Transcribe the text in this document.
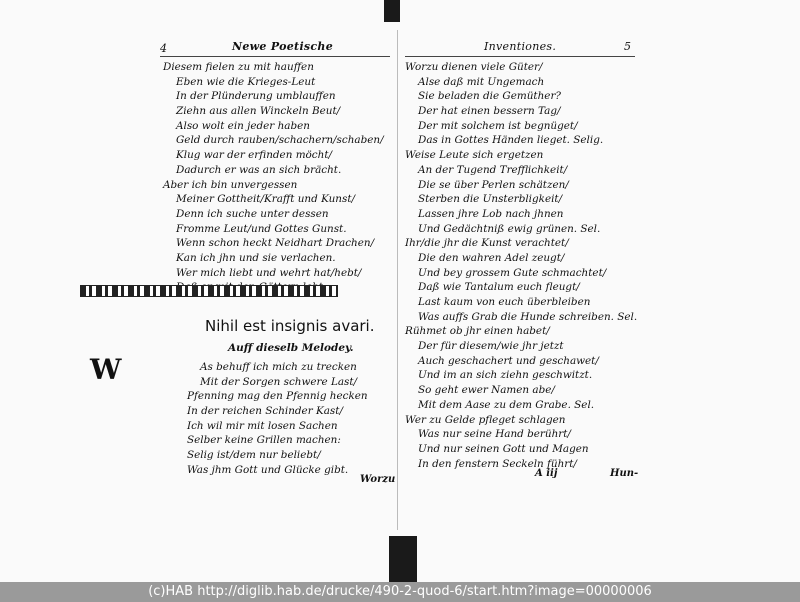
4	Newe Poetische
Diesem fielen zu mit hauffen
Eben wie die Krieges-Leut
In der Plünderung umblauffen
Ziehn aus allen Winckeln Beut/
Also wolt ein jeder haben
Geld durch rauben/schachern/schaben/
Klug war der erfinden möcht/
Dadurch er was an sich brächt.
Aber ich bin unvergessen
Meiner Gottheit/Krafft und Kunst/
Denn ich suche unter dessen
Fromme Leut/und Gottes Gunst.
Wenn schon heckt Neidhart Drachen/
Kan ich jhn und sie verlachen.
Wer mich liebt und wehrt hat/hebt/
Nihil est insignis avari.
Auff dieselb Melodey.
W	As behuff ich mich zu trecken
Mit der Sorgen schwere Last/
Pfenning mag den Pfennig hecken
In der reichen Schinder Kast/
Ich wil mir mit losen Sachen
Selber keine Grillen machen:
Selig ist/dem nur beliebt/
Was jhm Gott und Glücke gibt.
Worzu
Inventiones.	5
Worzu dienen viele Güter/
Alse daß mit Ungemach
Sie beladen die Gemüther?
Der hat einen bessern Tag/
Der mit solchem ist begnüget/
Das in Gottes Händen lieget. Selig.
Weise Leute sich ergetzen
An der Tugend Trefflichkeit/
Die se über Perlen schätzen/
Sterben die Unsterbligkeit/
Lassen jhre Lob nach jhnen
Und Gedächtniß ewig grünen. Sel.
Ihr/die jhr die Kunst verachtet/
Die den wahren Adel zeugt/
Und bey grossem Gute schmachtet/
Daß wie Tantalum euch fleugt/
Last kaum von euch überbleiben
Was auffs Grab die Hunde schreiben. Sel.
Rühmet ob jhr einen habet/
Der für diesem/wie jhr jetzt
Auch geschachert und geschawet/
Und im an sich ziehn geschwitzt.
So geht ewer Namen abe/
Mit dem Aase zu dem Grabe. Sel.
Wer zu Gelde pfleget schlagen
Was nur seine Hand berührt/
Und nur seinen Gott und Magen
In den fenstern Seckeln führt/
A iij	Hun-
(c)HAB http://diglib.hab.de/drucke/490-2-quod-6/start.htm?image=00000006
